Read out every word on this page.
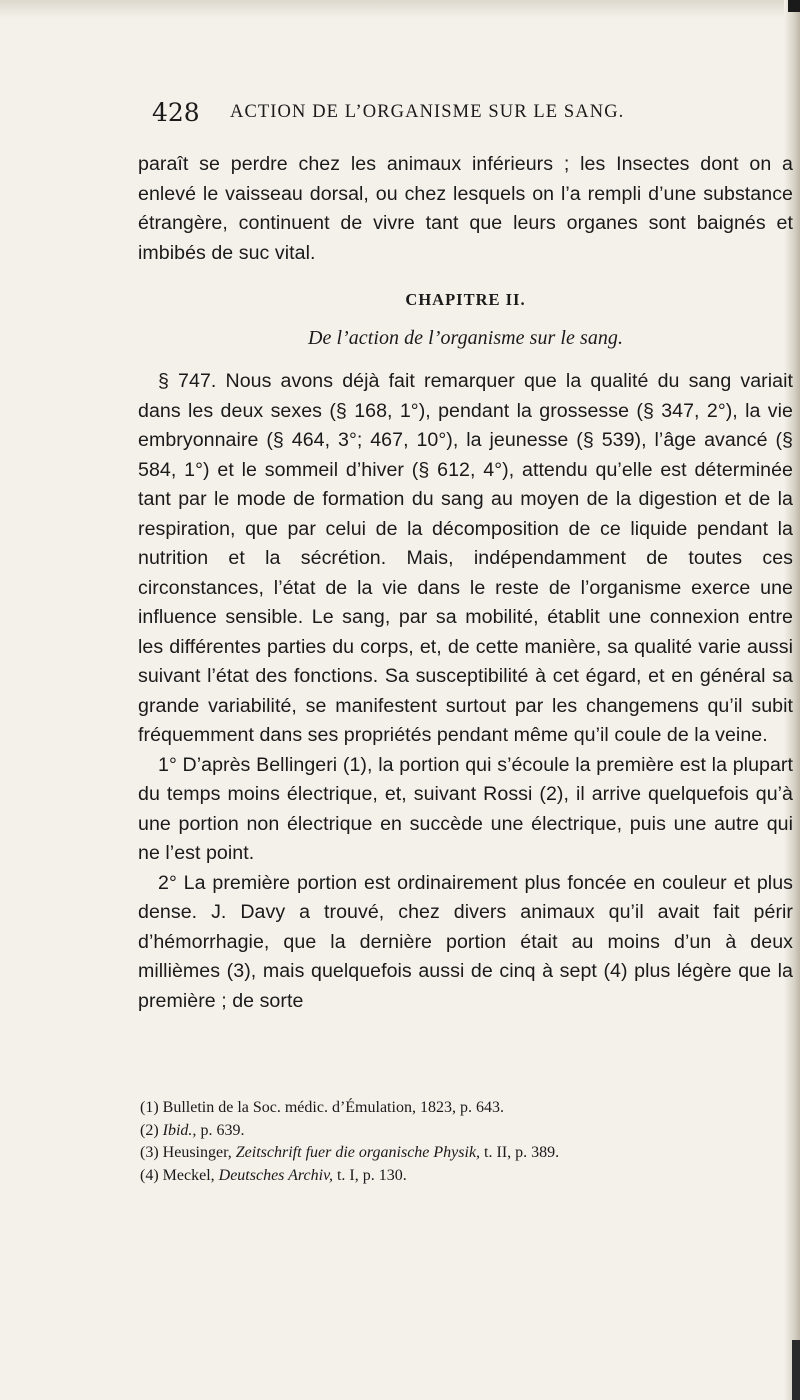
428 ACTION DE L’ORGANISME SUR LE SANG.

paraît se perdre chez les animaux inférieurs ; les Insectes dont on a enlevé le vaisseau dorsal, ou chez lesquels on l’a rempli d’une substance étrangère, continuent de vivre tant que leurs organes sont baignés et imbibés de suc vital.

CHAPITRE II.

De l’action de l’organisme sur le sang.

§ 747. Nous avons déjà fait remarquer que la qualité du sang variait dans les deux sexes (§ 168, 1°), pendant la grossesse (§ 347, 2°), la vie embryonnaire (§ 464, 3°; 467, 10°), la jeunesse (§ 539), l’âge avancé (§ 584, 1°) et le sommeil d’hiver (§ 612, 4°), attendu qu’elle est déterminée tant par le mode de formation du sang au moyen de la digestion et de la respiration, que par celui de la décomposition de ce liquide pendant la nutrition et la sécrétion. Mais, indépendamment de toutes ces circonstances, l’état de la vie dans le reste de l’organisme exerce une influence sensible. Le sang, par sa mobilité, établit une connexion entre les différentes parties du corps, et, de cette manière, sa qualité varie aussi suivant l’état des fonctions. Sa susceptibilité à cet égard, et en général sa grande variabilité, se manifestent surtout par les changemens qu’il subit fréquemment dans ses propriétés pendant même qu’il coule de la veine.

1° D’après Bellingeri (1), la portion qui s’écoule la première est la plupart du temps moins électrique, et, suivant Rossi (2), il arrive quelquefois qu’à une portion non électrique en succède une électrique, puis une autre qui ne l’est point.

2° La première portion est ordinairement plus foncée en couleur et plus dense. J. Davy a trouvé, chez divers animaux qu’il avait fait périr d’hémorrhagie, que la dernière portion était au moins d’un à deux millièmes (3), mais quelquefois aussi de cinq à sept (4) plus légère que la première ; de sorte

(1) Bulletin de la Soc. médic. d’Émulation, 1823, p. 643.

(2) Ibid., p. 639.

(3) Heusinger, Zeitschrift fuer die organische Physik, t. II, p. 389.

(4) Meckel, Deutsches Archiv, t. I, p. 130.
